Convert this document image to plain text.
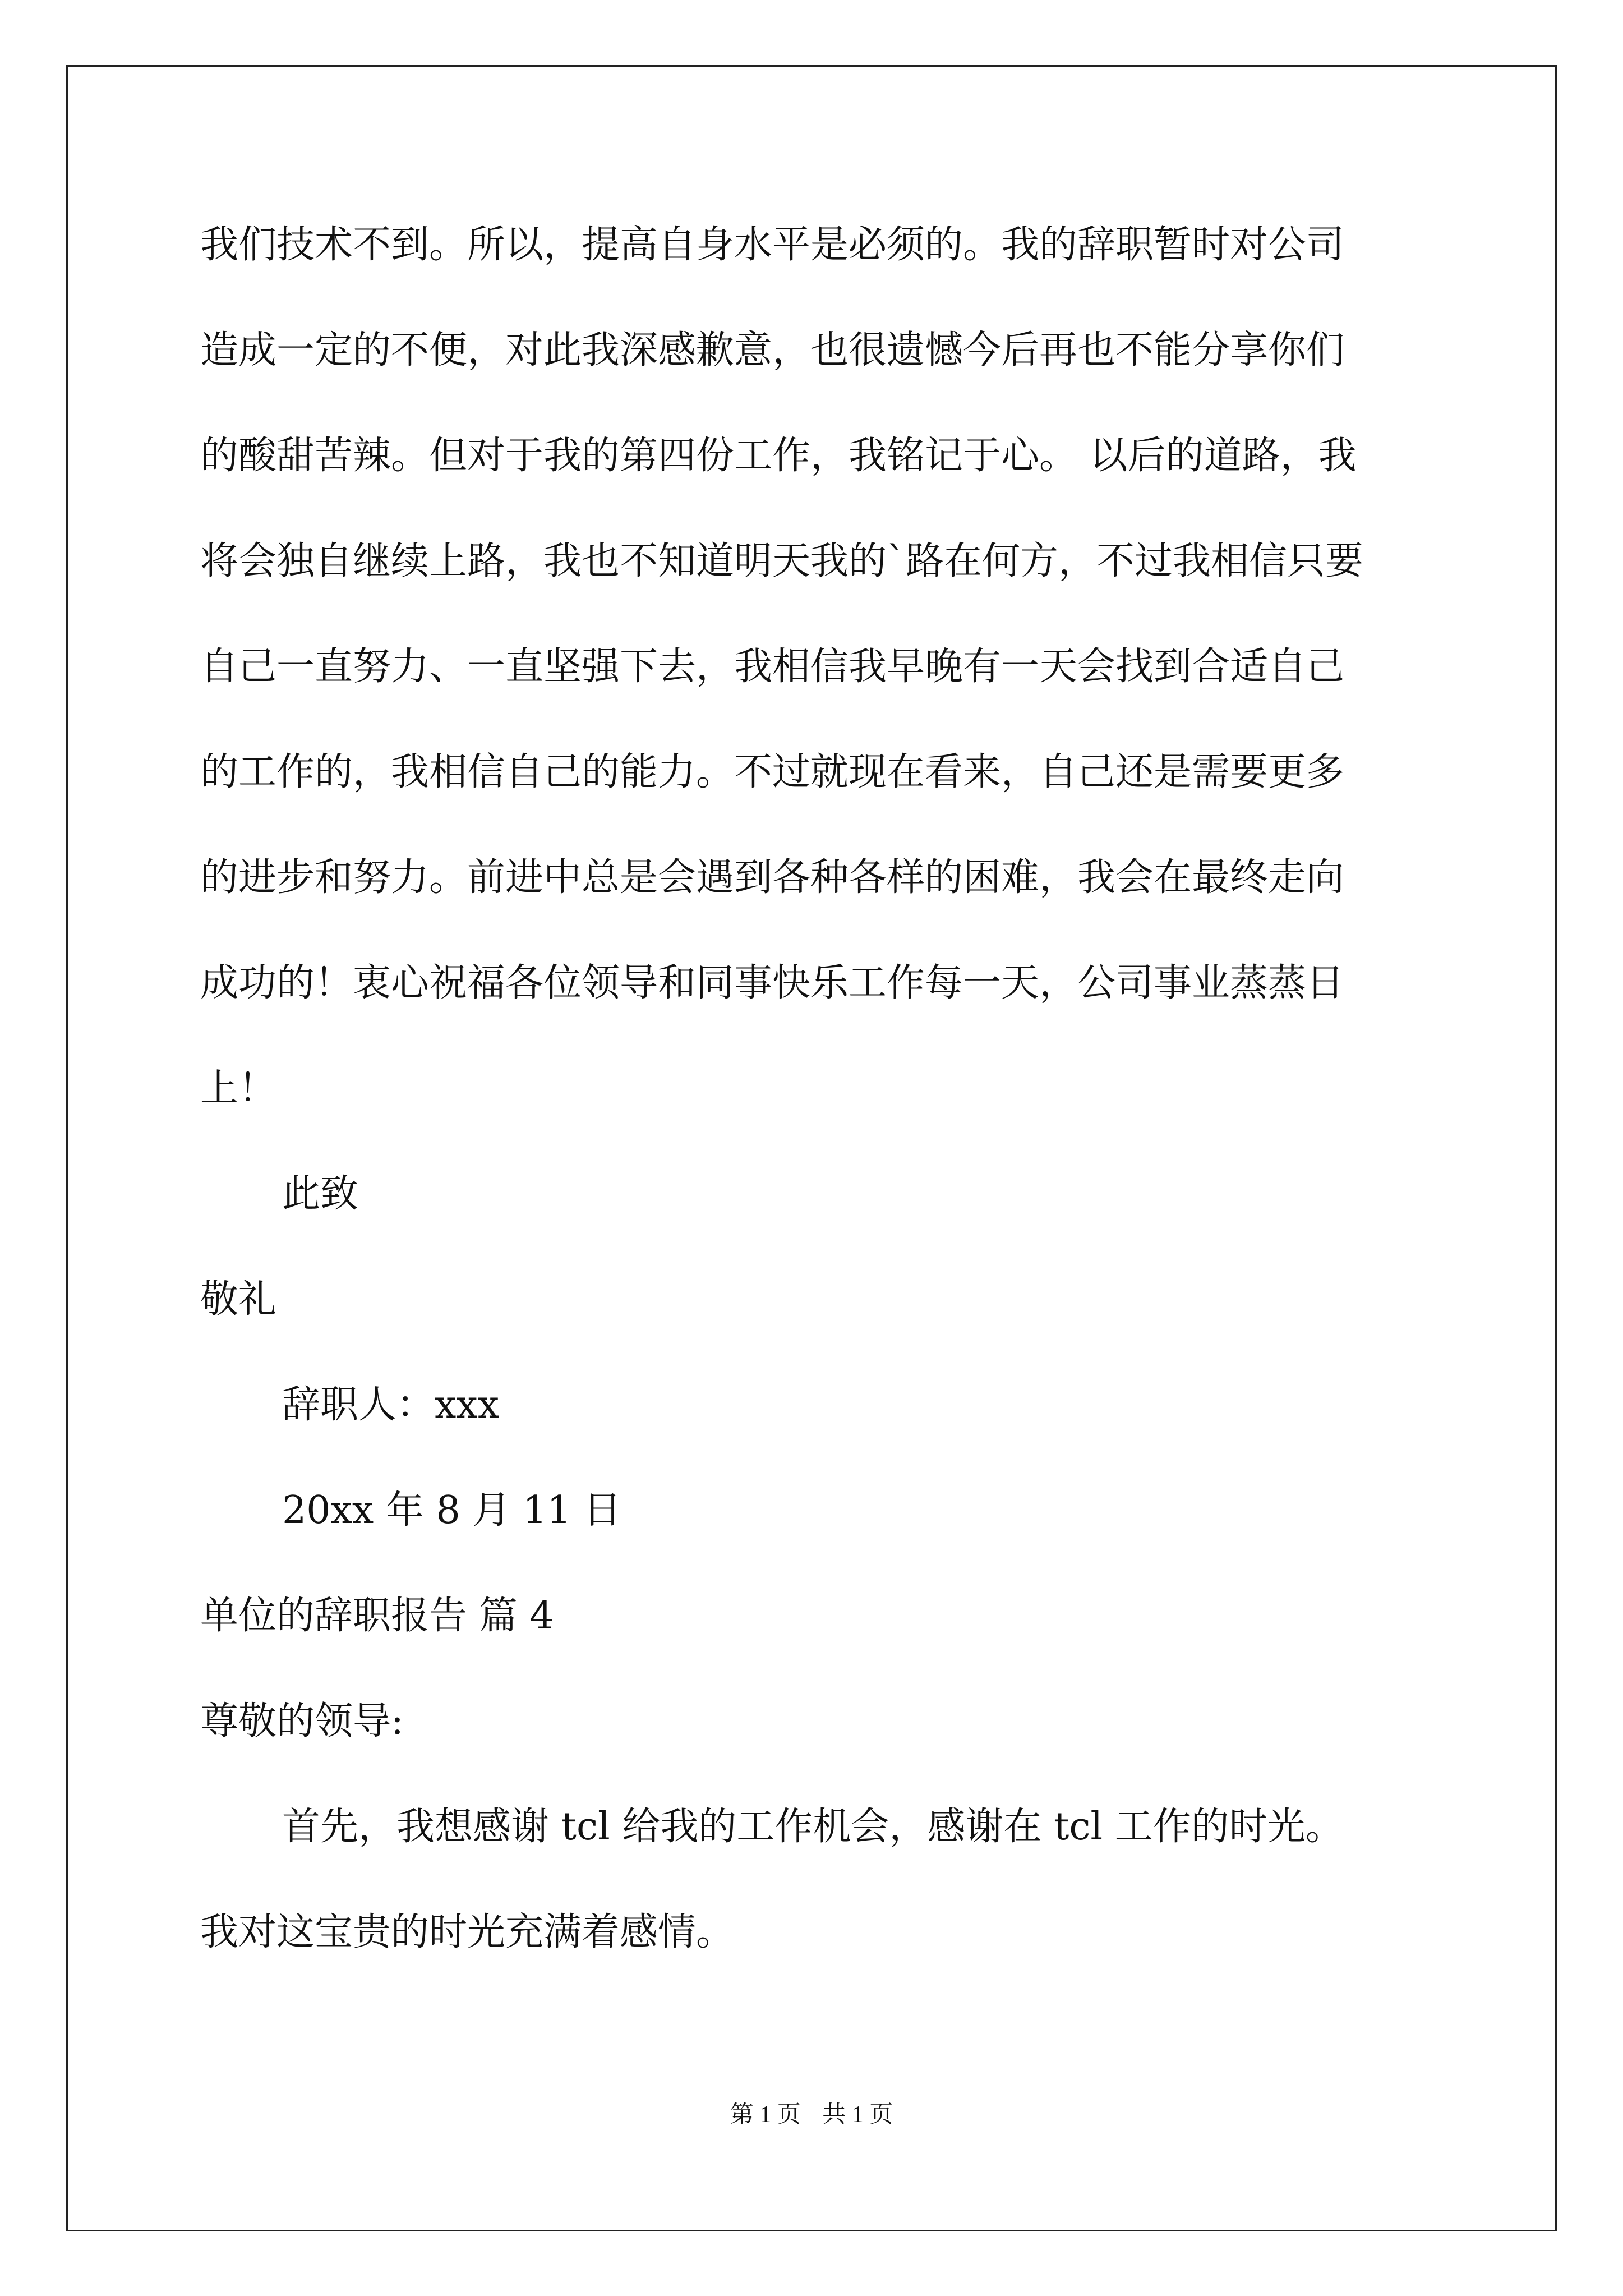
我们技术不到。所以，提高自身水平是必须的。我的辞职暂时对公司
造成一定的不便，对此我深感歉意，也很遗憾今后再也不能分享你们
的酸甜苦辣。但对于我的第四份工作，我铭记于心。 以后的道路，我
将会独自继续上路，我也不知道明天我的`路在何方，不过我相信只要
自己一直努力、一直坚强下去，我相信我早晚有一天会找到合适自己
的工作的，我相信自己的能力。不过就现在看来，自己还是需要更多
的进步和努力。前进中总是会遇到各种各样的困难，我会在最终走向
成功的！衷心祝福各位领导和同事快乐工作每一天，公司事业蒸蒸日
上！
此致
敬礼
辞职人：xxx
20xx 年 8 月 11 日
单位的辞职报告 篇 4
尊敬的领导:
首先，我想感谢 tcl 给我的工作机会，感谢在 tcl 工作的时光。
我对这宝贵的时光充满着感情。
第 1 页 共 1 页
